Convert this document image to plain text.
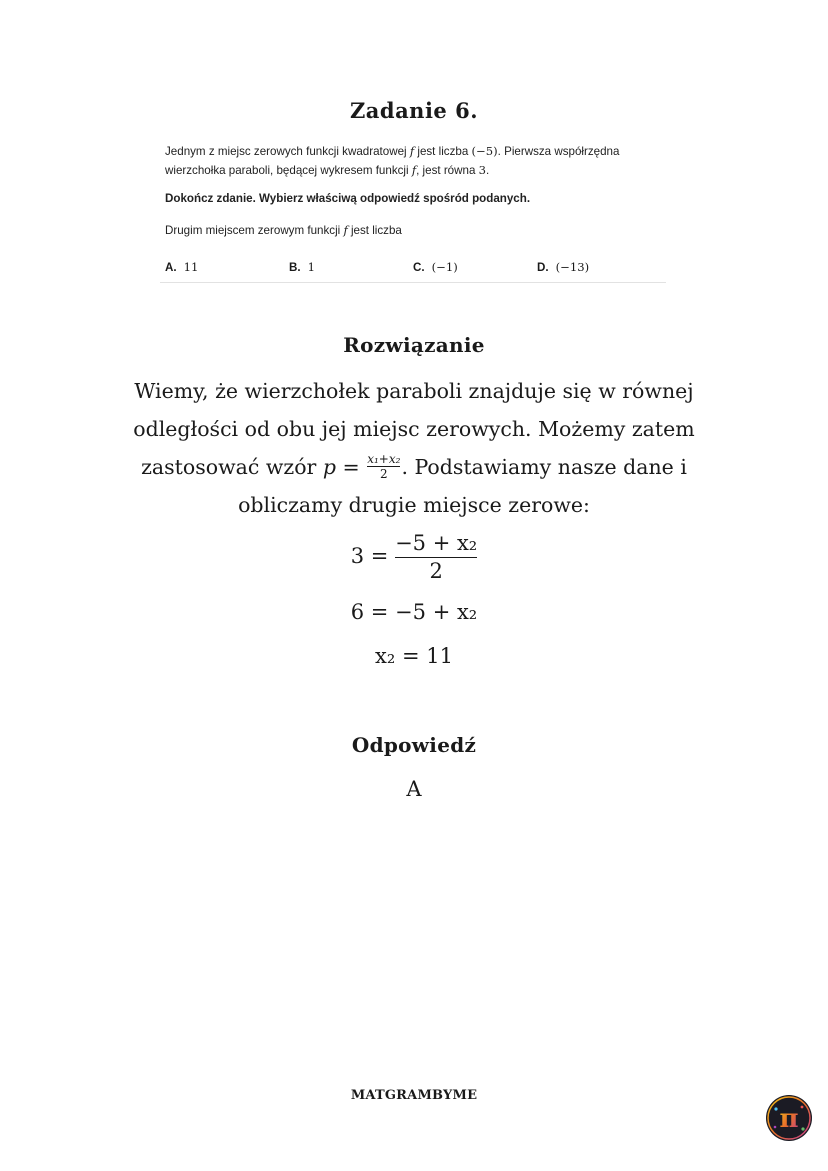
Zadanie 6.

Jednym z miejsc zerowych funkcji kwadratowej f jest liczba (−5). Pierwsza współrzędna wierzchołka paraboli, będącej wykresem funkcji f, jest równa 3.

Dokończ zdanie. Wybierz właściwą odpowiedź spośród podanych.

Drugim miejscem zerowym funkcji f jest liczba

A. 11	B. 1	C. (−1)	D. (−13)
Rozwiązanie
Wiemy, że wierzchołek paraboli znajduje się w równej odległości od obu jej miejsc zerowych. Możemy zatem zastosować wzór $p = \frac{\text{x₁+x₂}}{2}$ . Podstawiamy nasze dane i obliczamy drugie miejsce zerowe:
$3 = \frac{\text{−5 + x₂}}{2}$
6 = −5 + x₂
x₂ = 11
Odpowiedź
A
MATGRAMBYME
π
